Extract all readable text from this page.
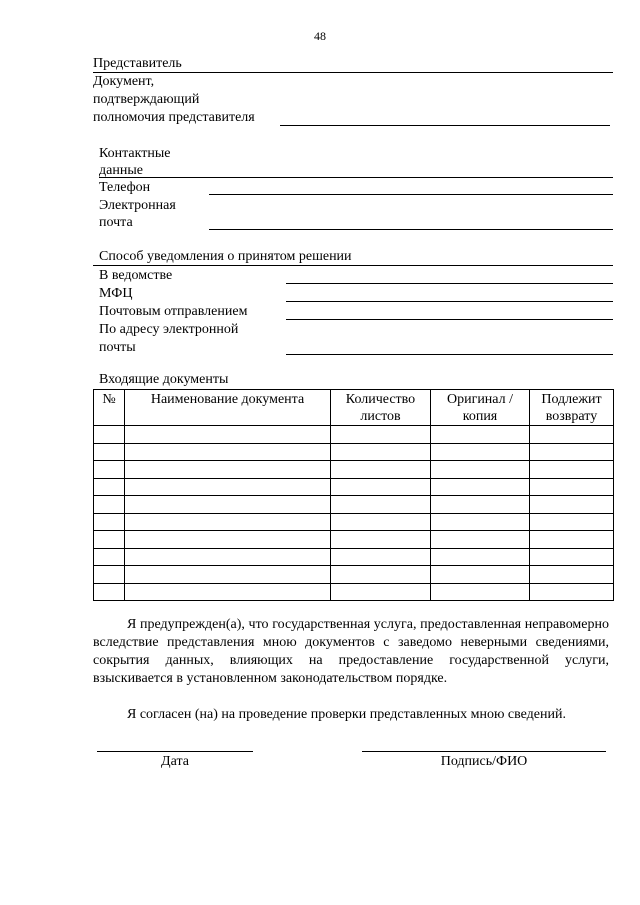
48
Представитель
Документ,
подтверждающий
полномочия представителя
Контактные
данные
Телефон
Электронная
почта
Способ уведомления о принятом решении
В ведомстве
МФЦ
Почтовым отправлением
По адресу электронной
почты
Входящие документы
№	Наименование документа	Количество листов	Оригинал /копия	Подлежит возврату

Я предупрежден(а), что государственная услуга, предоставленная неправомерно вследствие представления мною документов с заведомо неверными сведениями, сокрытия данных, влияющих на предоставление государственной услуги, взыскивается в установленном законодательством порядке.
Я согласен (на) на проведение проверки представленных мною сведений.
Дата	Подпись/ФИО
